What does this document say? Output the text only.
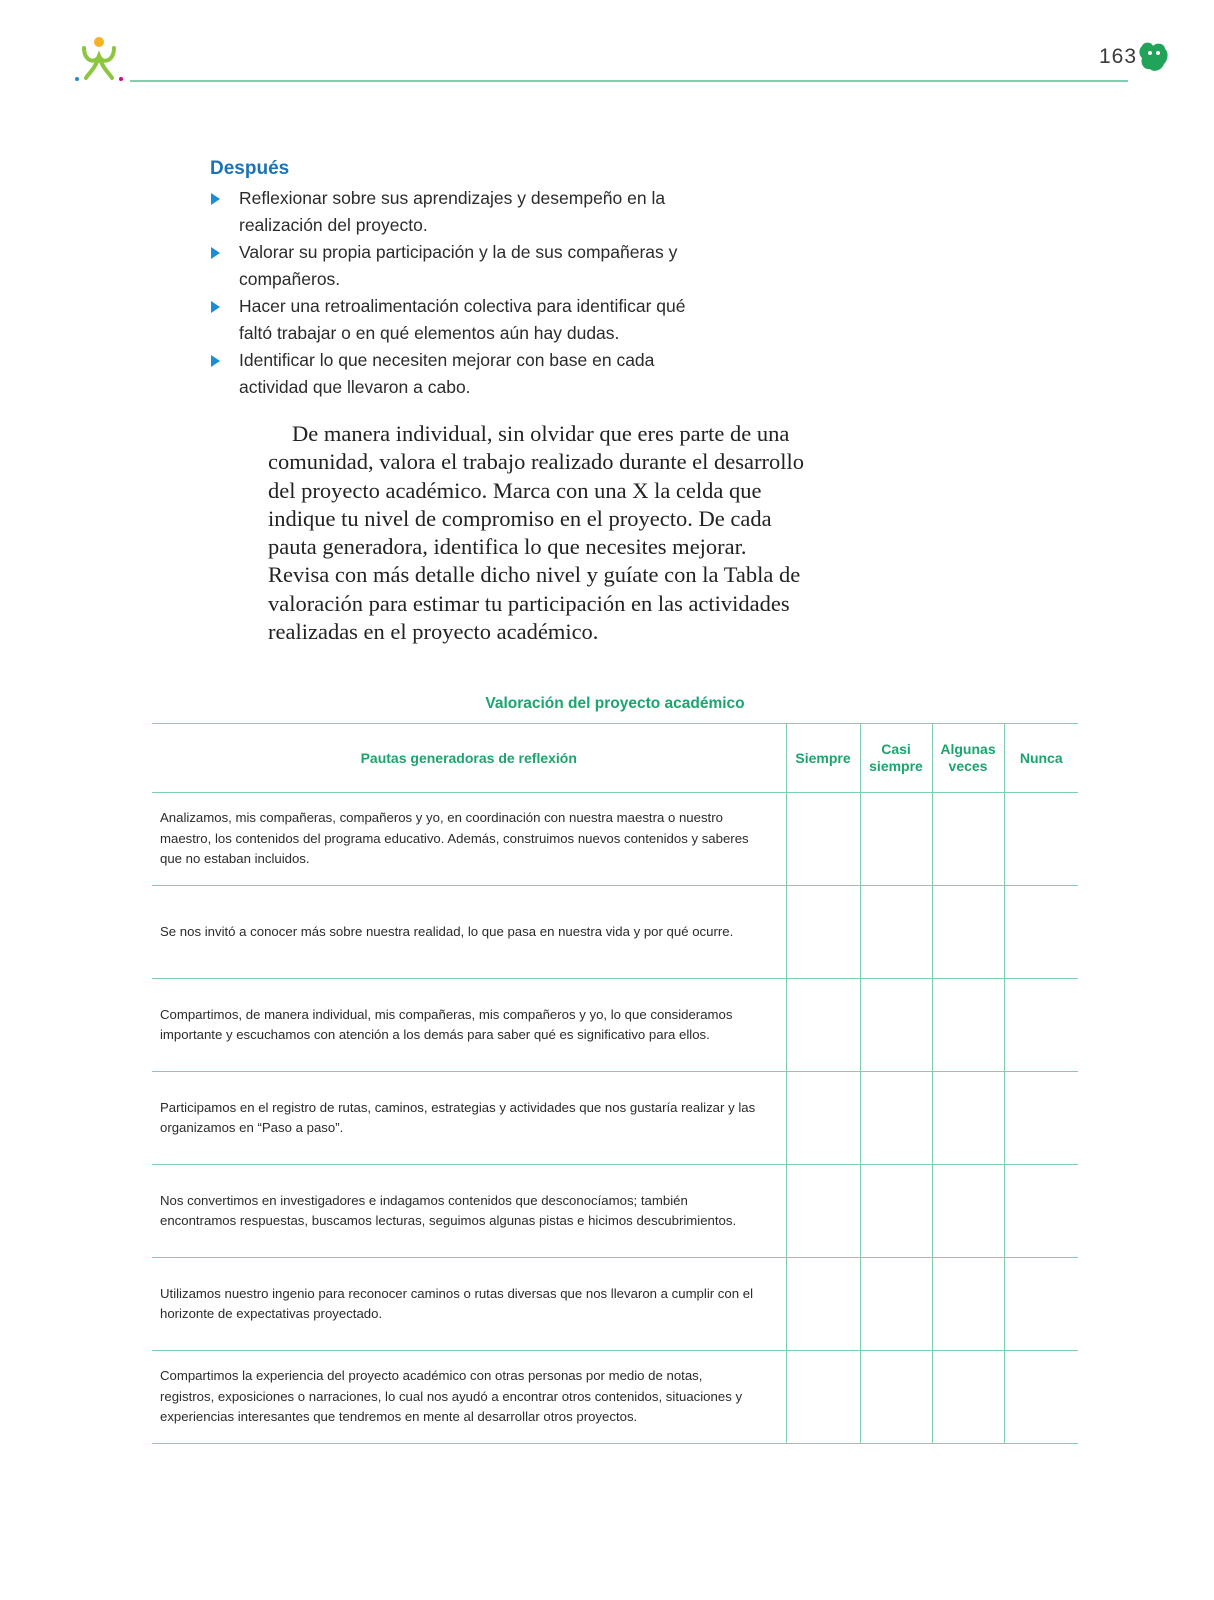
163
Después
Reflexionar sobre sus aprendizajes y desempeño en la realización del proyecto.
Valorar su propia participación y la de sus compañeras y compañeros.
Hacer una retroalimentación colectiva para identificar qué faltó trabajar o en qué elementos aún hay dudas.
Identificar lo que necesiten mejorar con base en cada actividad que llevaron a cabo.

De manera individual, sin olvidar que eres parte de una comunidad, valora el trabajo realizado durante el desarrollo del proyecto académico. Marca con una X la celda que indique tu nivel de compromiso en el proyecto. De cada pauta generadora, identifica lo que necesites mejorar. Revisa con más detalle dicho nivel y guíate con la Tabla de valoración para estimar tu participación en las actividades realizadas en el proyecto académico.

Valoración del proyecto académico
Pautas generadoras de reflexión	Siempre	Casi siempre	Algunas veces	Nunca
Analizamos, mis compañeras, compañeros y yo, en coordinación con nuestra maestra o nuestro maestro, los contenidos del programa educativo. Además, construimos nuevos contenidos y saberes que no estaban incluidos.				
Se nos invitó a conocer más sobre nuestra realidad, lo que pasa en nuestra vida y por qué ocurre.				
Compartimos, de manera individual, mis compañeras, mis compañeros y yo, lo que consideramos importante y escuchamos con atención a los demás para saber qué es significativo para ellos.				
Participamos en el registro de rutas, caminos, estrategias y actividades que nos gustaría realizar y las organizamos en “Paso a paso”.				
Nos convertimos en investigadores e indagamos contenidos que desconocíamos; también encontramos respuestas, buscamos lecturas, seguimos algunas pistas e hicimos descubrimientos.				
Utilizamos nuestro ingenio para reconocer caminos o rutas diversas que nos llevaron a cumplir con el horizonte de expectativas proyectado.				
Compartimos la experiencia del proyecto académico con otras personas por medio de notas, registros, exposiciones o narraciones, lo cual nos ayudó a encontrar otros contenidos, situaciones y experiencias interesantes que tendremos en mente al desarrollar otros proyectos.				
